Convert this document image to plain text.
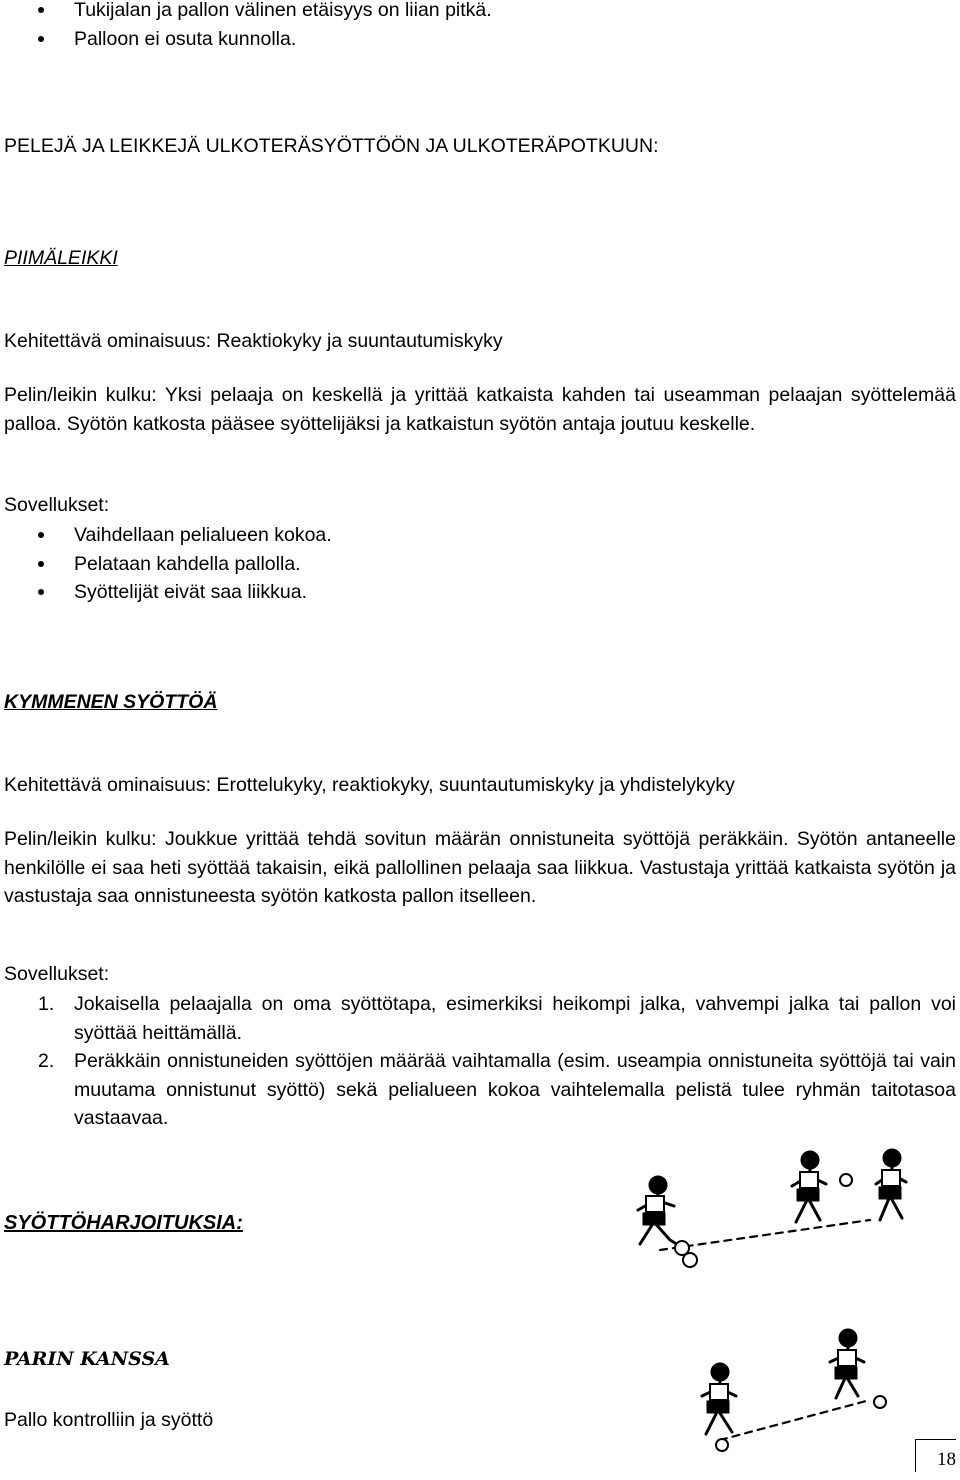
Tukijalan ja pallon välinen etäisyys on liian pitkä.
Palloon ei osuta kunnolla.
PELEJÄ JA LEIKKEJÄ ULKOTERÄSYÖTTÖÖN JA ULKOTERÄPOTKUUN:
PIIMÄLEIKKI
Kehitettävä ominaisuus: Reaktiokyky ja suuntautumiskyky

Pelin/leikin kulku: Yksi pelaaja on keskellä ja yrittää katkaista kahden tai useamman pelaajan syöttelemää palloa. Syötön katkosta pääsee syöttelijäksi ja katkaistun syötön antaja joutuu keskelle.

Sovellukset:
Vaihdellaan pelialueen kokoa.
Pelataan kahdella pallolla.
Syöttelijät eivät saa liikkua.
KYMMENEN SYÖTTÖÄ
Kehitettävä ominaisuus: Erottelukyky, reaktiokyky, suuntautumiskyky ja yhdistelykyky

Pelin/leikin kulku: Joukkue yrittää tehdä sovitun määrän onnistuneita syöttöjä peräkkäin. Syötön antaneelle henkilölle ei saa heti syöttää takaisin, eikä pallollinen pelaaja saa liikkua. Vastustaja yrittää katkaista syötön ja vastustaja saa onnistuneesta syötön katkosta pallon itselleen.

Sovellukset:
1. Jokaisella pelaajalla on oma syöttötapa, esimerkiksi heikompi jalka, vahvempi jalka tai pallon voi syöttää heittämällä.
2. Peräkkäin onnistuneiden syöttöjen määrää vaihtamalla (esim. useampia onnistuneita syöttöjä tai vain muutama onnistunut syöttö) sekä pelialueen kokoa vaihtelemalla pelistä tulee ryhmän taitotasoa vastaavaa.
SYÖTTÖHARJOITUKSIA:
PARIN KANSSA
Pallo kontrolliin ja syöttö
18
